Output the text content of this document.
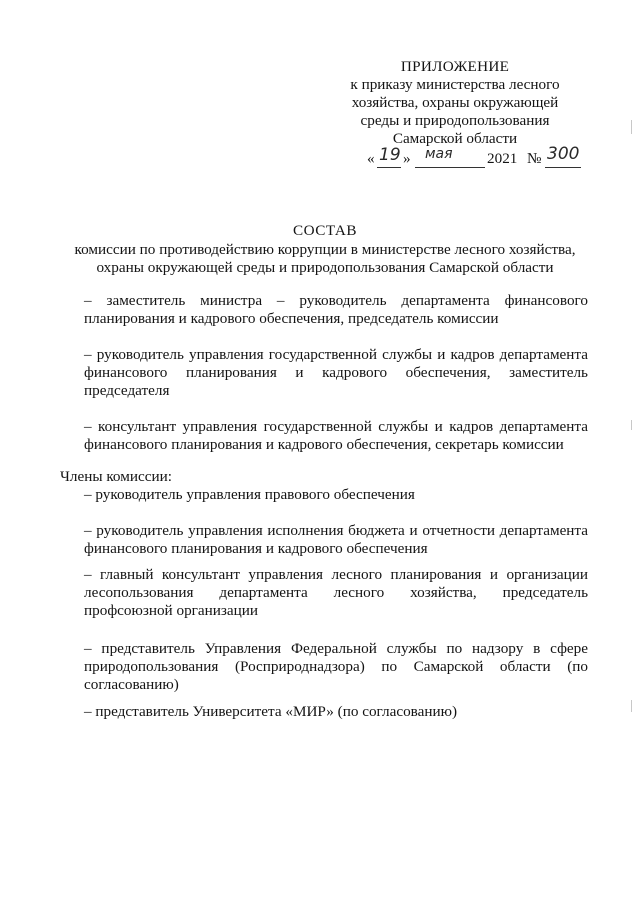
ПРИЛОЖЕНИЕ
к приказу министерства лесного
хозяйства, охраны окружающей
среды и природопользования
Самарской области
« 19 » мая 2021 № 300
СОСТАВ
комиссии по противодействию коррупции в министерстве лесного хозяйства, охраны окружающей среды и природопользования Самарской области
– заместитель министра – руководитель департамента финансового планирования и кадрового обеспечения, председатель комиссии
– руководитель управления государственной службы и кадров департамента финансового планирования и кадрового обеспечения, заместитель председателя
– консультант управления государственной службы и кадров департамента финансового планирования и кадрового обеспечения, секретарь комиссии
Члены комиссии:
– руководитель управления правового обеспечения
– руководитель управления исполнения бюджета и отчетности департамента финансового планирования и кадрового обеспечения
– главный консультант управления лесного планирования и организации лесопользования департамента лесного хозяйства, председатель профсоюзной организации
– представитель Управления Федеральной службы по надзору в сфере природопользования (Росприроднадзора) по Самарской области (по согласованию)
– представитель Университета «МИР» (по согласованию)
